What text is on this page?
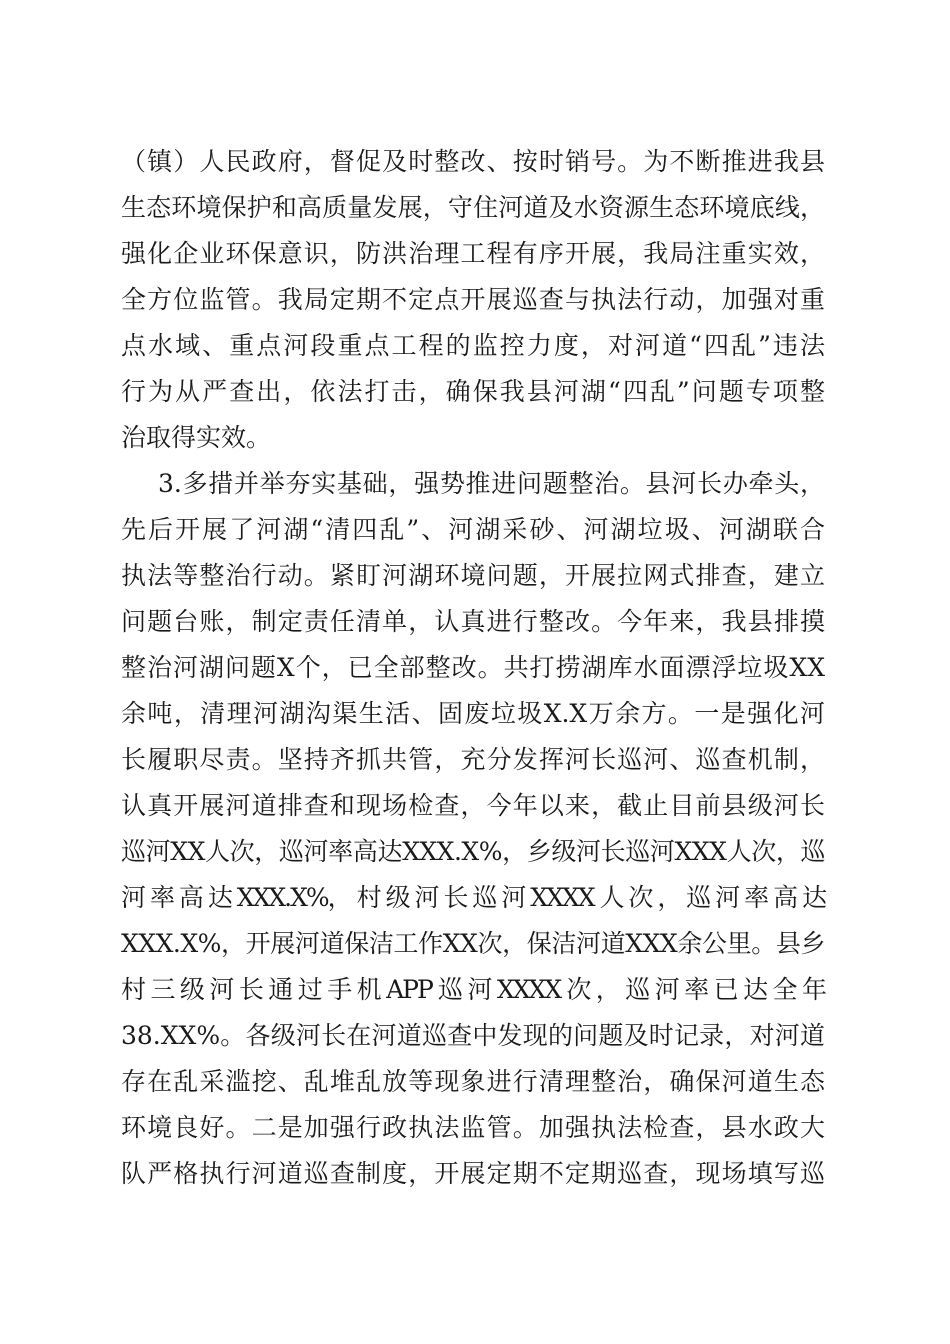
（镇）人民政府，督促及时整改、按时销号。为不断推进我县
生态环境保护和高质量发展，守住河道及水资源生态环境底线，
强化企业环保意识，防洪治理工程有序开展，我局注重实效，
全方位监管。我局定期不定点开展巡查与执法行动，加强对重
点水域、重点河段重点工程的监控力度，对河道“四乱”违法
行为从严查出，依法打击，确保我县河湖“四乱”问题专项整
治取得实效。
3.多措并举夯实基础，强势推进问题整治。县河长办牵头，
先后开展了河湖“清四乱”、河湖采砂、河湖垃圾、河湖联合
执法等整治行动。紧盯河湖环境问题，开展拉网式排查，建立
问题台账，制定责任清单，认真进行整改。今年来，我县排摸
整治河湖问题X个，已全部整改。共打捞湖库水面漂浮垃圾XX
余吨，清理河湖沟渠生活、固废垃圾X.X万余方。一是强化河
长履职尽责。坚持齐抓共管，充分发挥河长巡河、巡查机制，
认真开展河道排查和现场检查，今年以来，截止目前县级河长
巡河XX人次，巡河率高达XXX.X%，乡级河长巡河XXX人次，巡
河 率 高 达 XXX.X%， 村 级 河 长 巡 河 XXXX 人 次 ， 巡 河 率 高 达
XXX.X%，开展河道保洁工作XX次，保洁河道XXX余公里。县乡
村 三 级 河 长 通 过 手 机 APP 巡 河 XXXX 次 ， 巡 河 率 已 达 全 年
38.XX%。各级河长在河道巡查中发现的问题及时记录，对河道
存在乱采滥挖、乱堆乱放等现象进行清理整治，确保河道生态
环境良好。二是加强行政执法监管。加强执法检查，县水政大
队严格执行河道巡查制度，开展定期不定期巡查，现场填写巡
